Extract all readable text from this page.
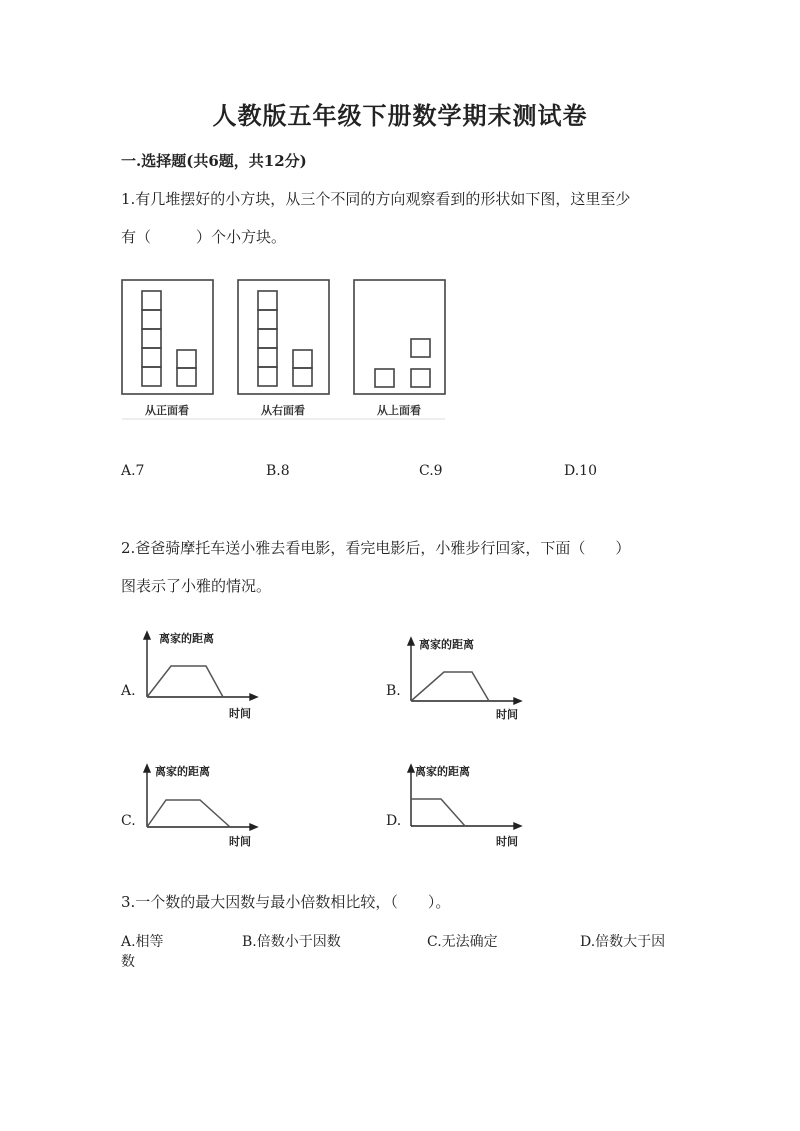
人教版五年级下册数学期末测试卷
一.选择题(共6题，共12分)
1.有几堆摆好的小方块，从三个不同的方向观察看到的形状如下图，这里至少
有（　　　）个小方块。
从正面看	从右面看	从上面看
A.7	B.8	C.9	D.10
2.爸爸骑摩托车送小雅去看电影，看完电影后，小雅步行回家，下面（　　）
图表示了小雅的情况。
A.
离家的距离
时间
B.
离家的距离
时间
C.
离家的距离
时间
D.
离家的距离
时间
3.一个数的最大因数与最小倍数相比较，（　　）。
A.相等	B.倍数小于因数	C.无法确定	D.倍数大于因
数
